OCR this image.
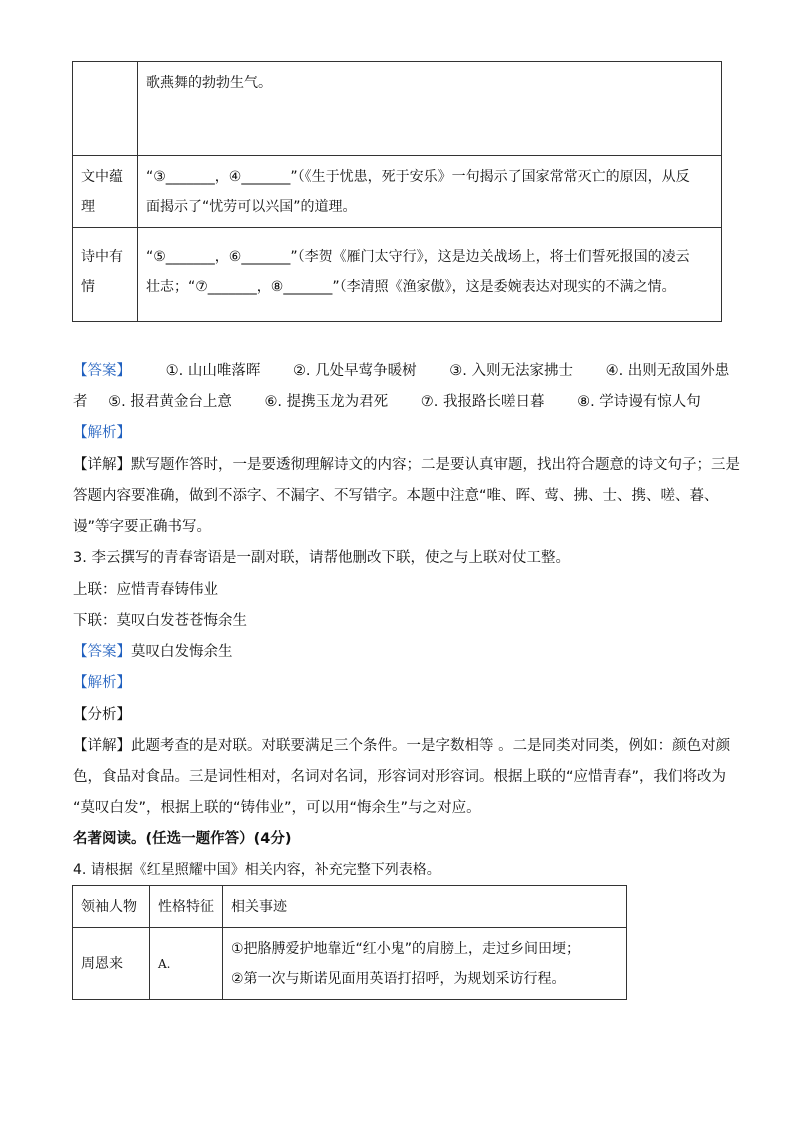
	歌燕舞的勃勃生气。
文中蕴理	“③_______，④_______”（《生于忧患，死于安乐》一句揭示了国家常常灭亡的原因，从反
面揭示了“忧劳可以兴国”的道理。

诗中有情	“⑤_______，⑥_______”（李贺《雁门太守行》，这是边关战场上，将士们誓死报国的凌云
壮志；“⑦_______，⑧_______”（李清照《渔家傲》，这是委婉表达对现实的不满之情。
【答案】 ①. 山山唯落晖 ②. 几处早莺争暖树 ③. 入则无法家拂士 ④. 出则无敌国外患
者 ⑤. 报君黄金台上意 ⑥. 提携玉龙为君死 ⑦. 我报路长嗟日暮 ⑧. 学诗谩有惊人句
【解析】
【详解】默写题作答时，一是要透彻理解诗文的内容；二是要认真审题，找出符合题意的诗文句子；三是
答题内容要准确，做到不添字、不漏字、不写错字。本题中注意“唯、晖、莺、拂、士、携、嗟、暮、
谩”等字要正确书写。
3. 李云撰写的青春寄语是一副对联，请帮他删改下联，使之与上联对仗工整。
上联：应惜青春铸伟业
下联：莫叹白发苍苍悔余生
【答案】莫叹白发悔余生
【解析】
【分析】
【详解】此题考查的是对联。对联要满足三个条件。一是字数相等 。二是同类对同类，例如：颜色对颜
色，食品对食品。三是词性相对，名词对名词，形容词对形容词。根据上联的“应惜青春”，我们将改为
“莫叹白发”，根据上联的“铸伟业”，可以用“悔余生”与之对应。
名著阅读。(任选一题作答）(4分)
4. 请根据《红星照耀中国》相关内容，补充完整下列表格。
领袖人物	性格特征	相关事迹
周恩来	A.	①把胳膊爱护地靠近“红小鬼”的肩膀上，走过乡间田埂；
②第一次与斯诺见面用英语打招呼，为规划采访行程。
